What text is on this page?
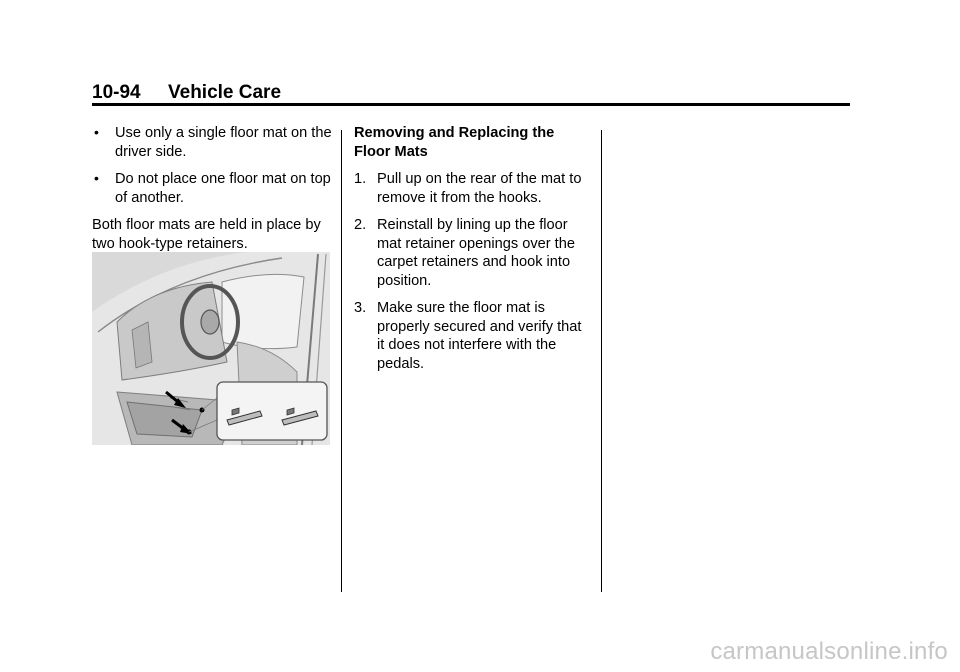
10-94 Vehicle Care
• Use only a single floor mat on the driver side.
• Do not place one floor mat on top of another.

Both floor mats are held in place by two hook-type retainers.

Removing and Replacing the Floor Mats
1. Pull up on the rear of the mat to remove it from the hooks.
2. Reinstall by lining up the floor mat retainer openings over the carpet retainers and hook into position.
3. Make sure the floor mat is properly secured and verify that it does not interfere with the pedals.
carmanualsonline.info
